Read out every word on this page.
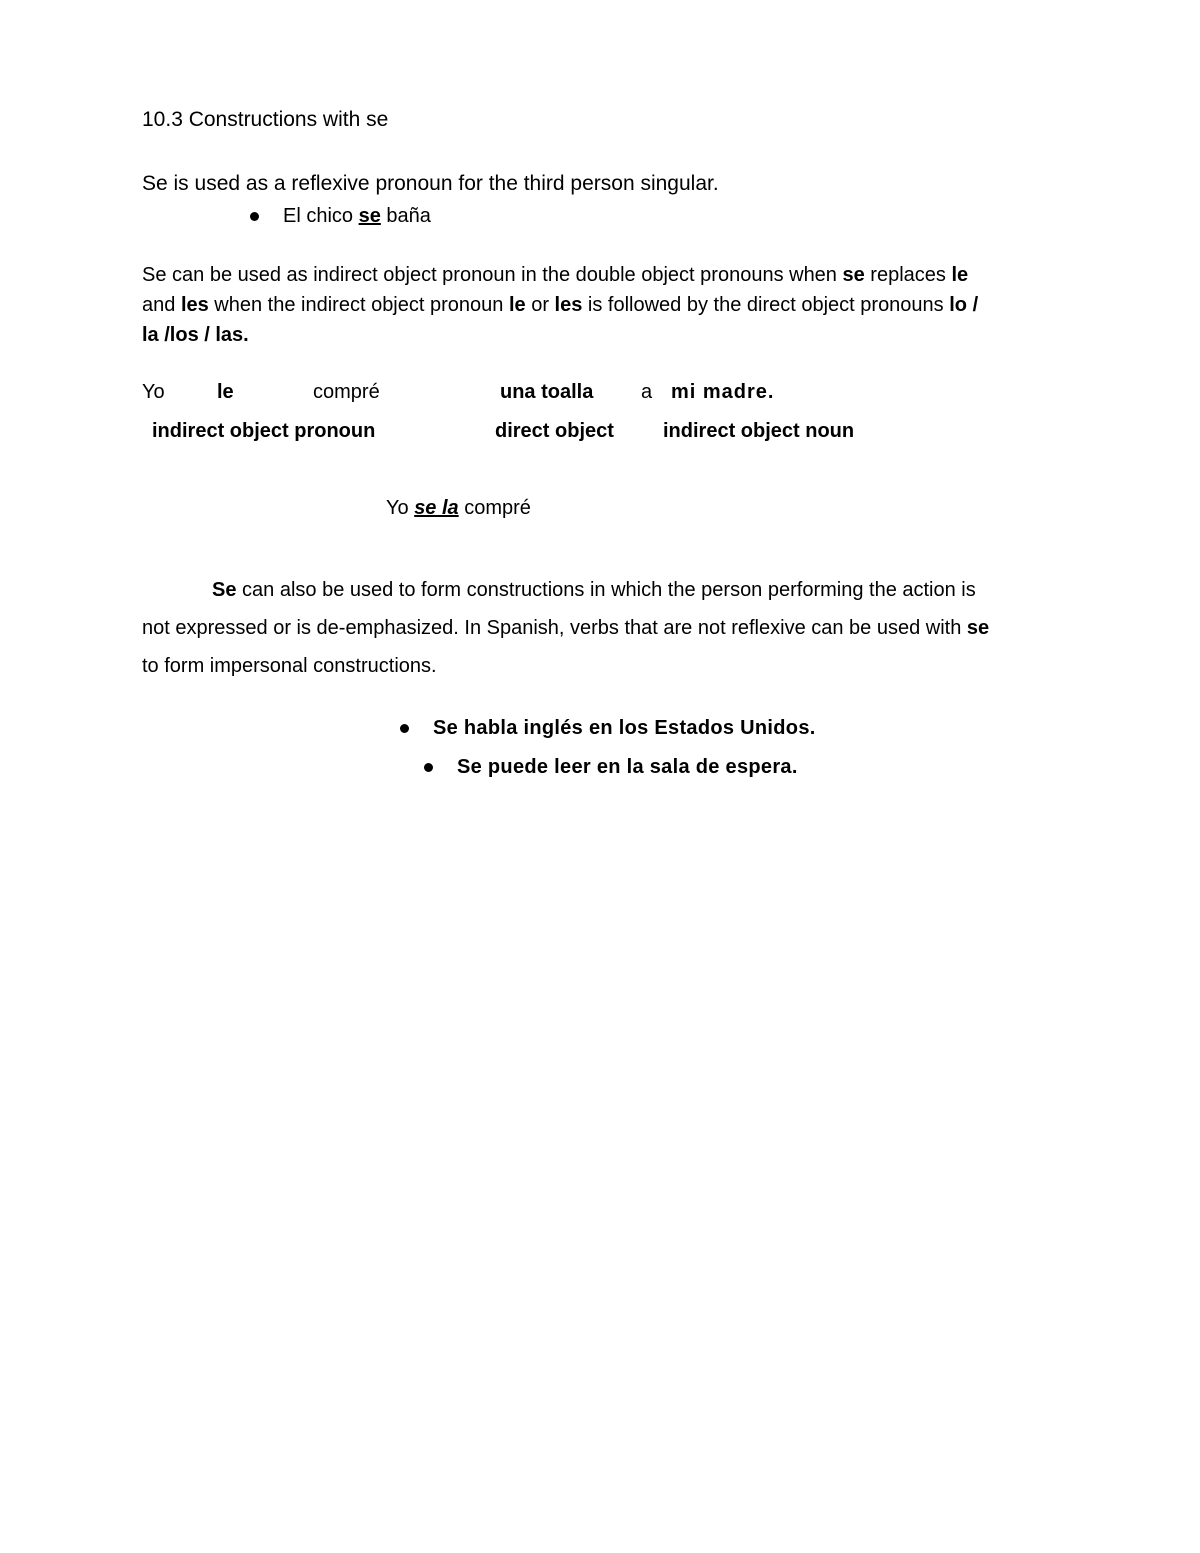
10.3 Constructions with se
Se is used as a reflexive pronoun for the third person singular.
El chico se baña
Se can be used as indirect object pronoun in the double object pronouns when se replaces le
and les when the indirect object pronoun le or les is followed by the direct object pronouns lo /
la /los / las.
Yo	le	compré	una toalla a mi madre.
indirect object pronoun	direct object indirect object noun
Yo se la compré
Se can also be used to form constructions in which the person performing the action is
not expressed or is de-emphasized. In Spanish, verbs that are not reflexive can be used with se
to form impersonal constructions.
Se habla inglés en los Estados Unidos.
Se puede leer en la sala de espera.
